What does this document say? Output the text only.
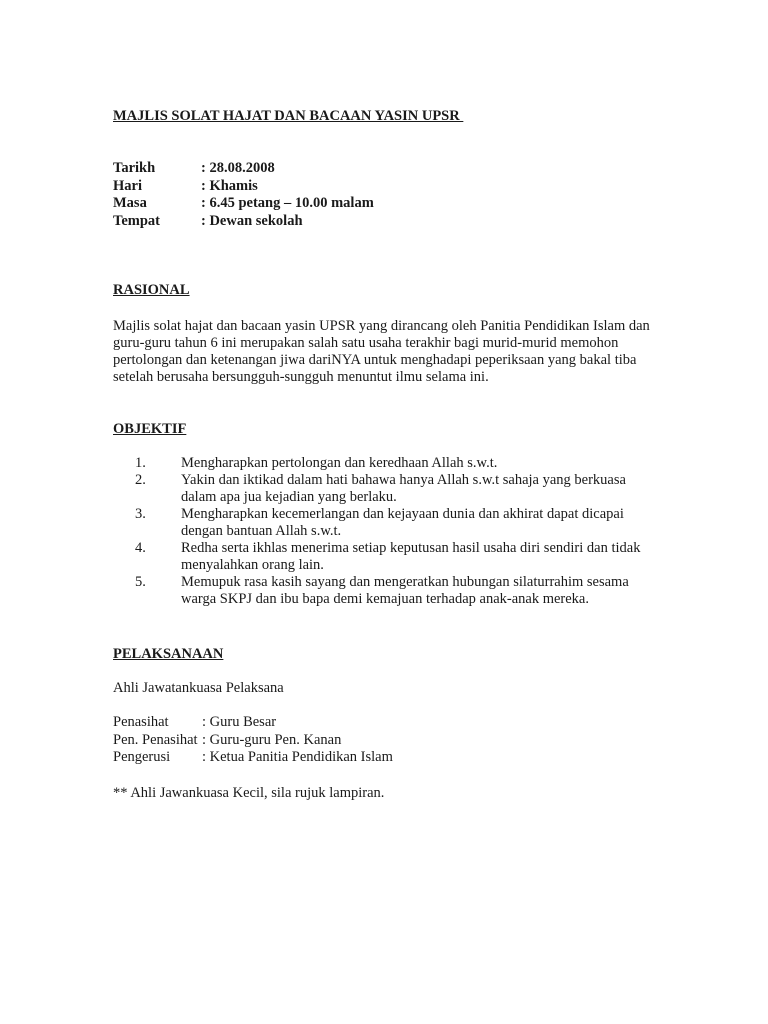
MAJLIS SOLAT HAJAT DAN BACAAN YASIN UPSR
Tarikh	: 28.08.2008
Hari	: Khamis
Masa	: 6.45 petang – 10.00 malam
Tempat	: Dewan sekolah
RASIONAL
Majlis solat hajat dan bacaan yasin UPSR yang dirancang oleh Panitia Pendidikan Islam dan guru-guru tahun 6 ini merupakan salah satu usaha terakhir bagi murid-murid memohon pertolongan dan ketenangan jiwa dariNYA untuk menghadapi peperiksaan yang bakal tiba setelah berusaha bersungguh-sungguh menuntut ilmu selama ini.
OBJEKTIF
1.	Mengharapkan pertolongan dan keredhaan Allah s.w.t.
2.	Yakin dan iktikad dalam hati bahawa hanya Allah s.w.t sahaja yang berkuasa dalam apa jua kejadian yang berlaku.
3.	Mengharapkan kecemerlangan dan kejayaan dunia dan akhirat dapat dicapai dengan bantuan Allah s.w.t.
4.	Redha serta ikhlas menerima setiap keputusan hasil usaha diri sendiri dan tidak menyalahkan orang lain.
5.	Memupuk rasa kasih sayang dan mengeratkan hubungan silaturrahim sesama warga SKPJ dan ibu bapa demi kemajuan terhadap anak-anak mereka.
PELAKSANAAN
Ahli Jawatankuasa Pelaksana
Penasihat	: Guru Besar
Pen. Penasihat : Guru-guru Pen. Kanan
Pengerusi	: Ketua Panitia Pendidikan Islam
** Ahli Jawankuasa Kecil, sila rujuk lampiran.
